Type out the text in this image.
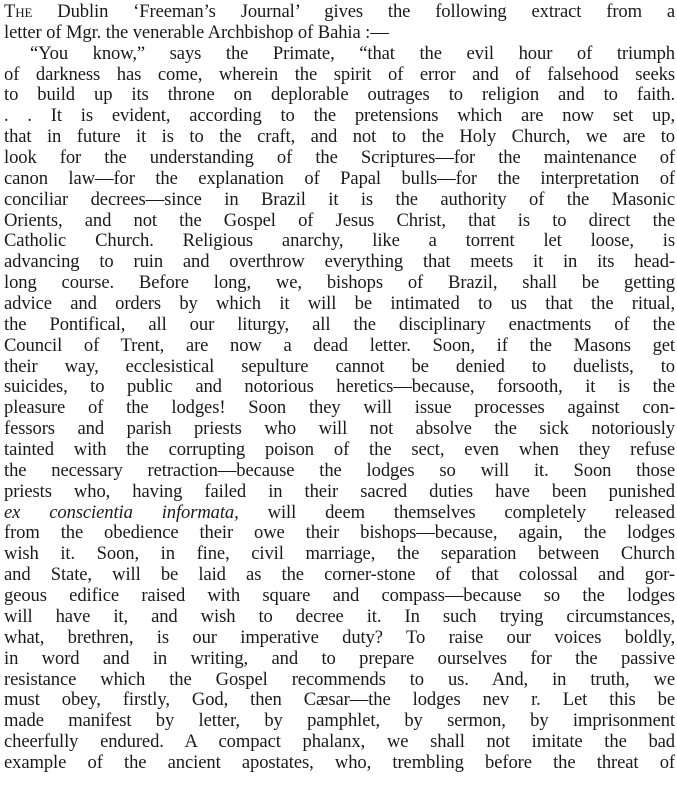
The Dublin ‘Freeman’s Journal’ gives the following extract from a
letter of Mgr. the venerable Archbishop of Bahia :—
“You know,” says the Primate, “that the evil hour of triumph
of darkness has come, wherein the spirit of error and of falsehood seeks
to build up its throne on deplorable outrages to religion and to faith.
. . It is evident, according to the pretensions which are now set up,
that in future it is to the craft, and not to the Holy Church, we are to
look for the understanding of the Scriptures—for the maintenance of
canon law—for the explanation of Papal bulls—for the interpretation of
conciliar decrees—since in Brazil it is the authority of the Masonic
Orients, and not the Gospel of Jesus Christ, that is to direct the
Catholic Church. Religious anarchy, like a torrent let loose, is
advancing to ruin and overthrow everything that meets it in its head-
long course. Before long, we, bishops of Brazil, shall be getting
advice and orders by which it will be intimated to us that the ritual,
the Pontifical, all our liturgy, all the disciplinary enactments of the
Council of Trent, are now a dead letter. Soon, if the Masons get
their way, ecclesistical sepulture cannot be denied to duelists, to
suicides, to public and notorious heretics—because, forsooth, it is the
pleasure of the lodges! Soon they will issue processes against con-
fessors and parish priests who will not absolve the sick notoriously
tainted with the corrupting poison of the sect, even when they refuse
the necessary retraction—because the lodges so will it. Soon those
priests who, having failed in their sacred duties have been punished
ex conscientia informata, will deem themselves completely released
from the obedience their owe their bishops—because, again, the lodges
wish it. Soon, in fine, civil marriage, the separation between Church
and State, will be laid as the corner-stone of that colossal and gor-
geous edifice raised with square and compass—because so the lodges
will have it, and wish to decree it. In such trying circumstances,
what, brethren, is our imperative duty? To raise our voices boldly,
in word and in writing, and to prepare ourselves for the passive
resistance which the Gospel recommends to us. And, in truth, we
must obey, firstly, God, then Cæsar—the lodges nev r. Let this be
made manifest by letter, by pamphlet, by sermon, by imprisonment
cheerfully endured. A compact phalanx, we shall not imitate the bad
example of the ancient apostates, who, trembling before the threat of
